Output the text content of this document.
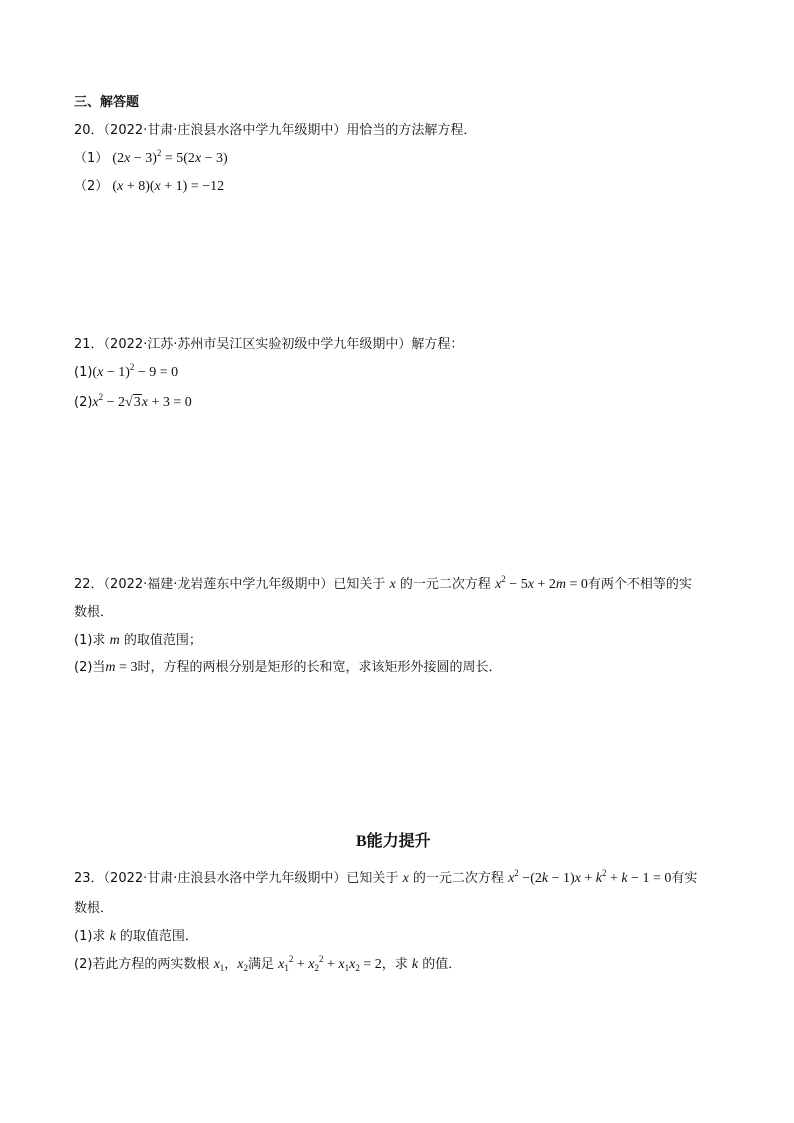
三、解答题
20．（2022·甘肃·庄浪县水洛中学九年级期中）用恰当的方法解方程．
（1） $(2x - 3)^2 = 5(2x - 3)$
（2） (x + 8)(x + 1) = −12
21．（2022·江苏·苏州市吴江区实验初级中学九年级期中）解方程：
$(1)(x - 1)^2 - 9 = 0$
$(2)x^2 - 2√3x + 3 = 0$
22．（2022·福建·龙岩莲东中学九年级期中）已知关于 x 的一元二次方程 $x^2 - 5x + 2m = 0$有两个不相等的实
数根．
(1)求 m 的取值范围；
(2)当m = 3时，方程的两根分别是矩形的长和宽，求该矩形外接圆的周长．
B能力提升
23．（2022·甘肃·庄浪县水洛中学九年级期中）已知关于 x 的一元二次方程 $x^2 -(2k - 1)x + k^2 + k - 1 = 0$有实
数根．
(1)求 k 的取值范围．
(2)若此方程的两实数根 $x_1$，$x_2$满足 $x_1^2 + x_2^2 + x_1x_2 = 2$，求 k 的值．
